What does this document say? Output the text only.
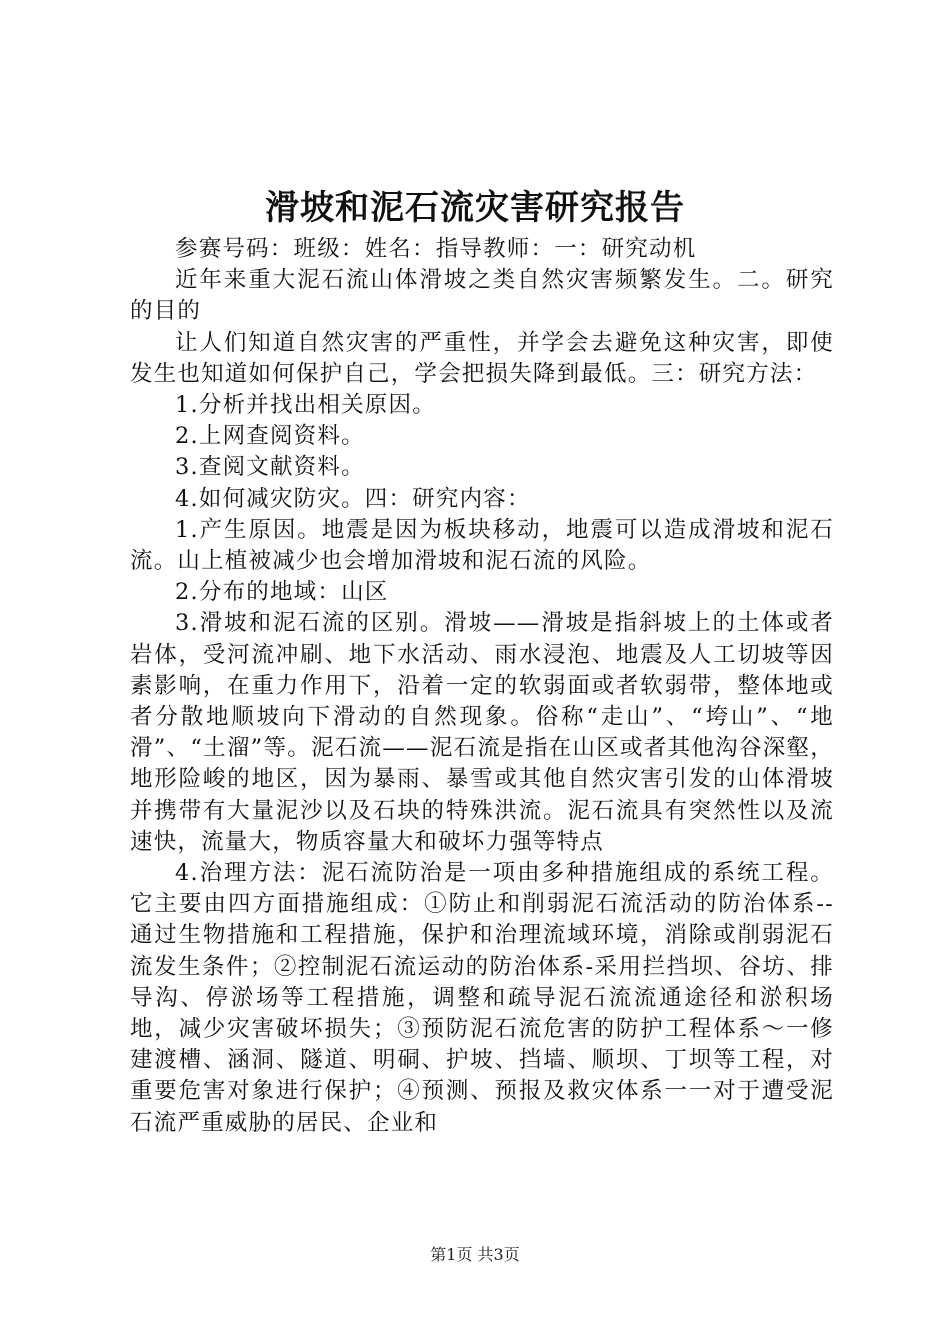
滑坡和泥石流灾害研究报告

参赛号码：班级：姓名：指导教师：一：研究动机

近年来重大泥石流山体滑坡之类自然灾害频繁发生。二。研究的目的

让人们知道自然灾害的严重性，并学会去避免这种灾害，即使发生也知道如何保护自己，学会把损失降到最低。三：研究方法：

1.分析并找出相关原因。

2.上网查阅资料。

3.查阅文献资料。

4.如何减灾防灾。四：研究内容：

1.产生原因。地震是因为板块移动，地震可以造成滑坡和泥石流。山上植被减少也会增加滑坡和泥石流的风险。

2.分布的地域：山区

3.滑坡和泥石流的区别。滑坡——滑坡是指斜坡上的土体或者岩体，受河流冲刷、地下水活动、雨水浸泡、地震及人工切坡等因素影响，在重力作用下，沿着一定的软弱面或者软弱带，整体地或者分散地顺坡向下滑动的自然现象。俗称“走山”、“垮山”、“地滑”、“土溜”等。泥石流——泥石流是指在山区或者其他沟谷深壑，地形险峻的地区，因为暴雨、暴雪或其他自然灾害引发的山体滑坡并携带有大量泥沙以及石块的特殊洪流。泥石流具有突然性以及流速快，流量大，物质容量大和破坏力强等特点

4.治理方法：泥石流防治是一项由多种措施组成的系统工程。它主要由四方面措施组成：①防止和削弱泥石流活动的防治体系--通过生物措施和工程措施，保护和治理流域环境，消除或削弱泥石流发生条件；②控制泥石流运动的防治体系-采用拦挡坝、谷坊、排导沟、停淤场等工程措施，调整和疏导泥石流流通途径和淤积场地，减少灾害破坏损失；③预防泥石流危害的防护工程体系～一修建渡槽、涵洞、隧道、明硐、护坡、挡墙、顺坝、丁坝等工程，对重要危害对象进行保护；④预测、预报及救灾体系一一对于遭受泥石流严重威胁的居民、企业和

第1页 共3页
